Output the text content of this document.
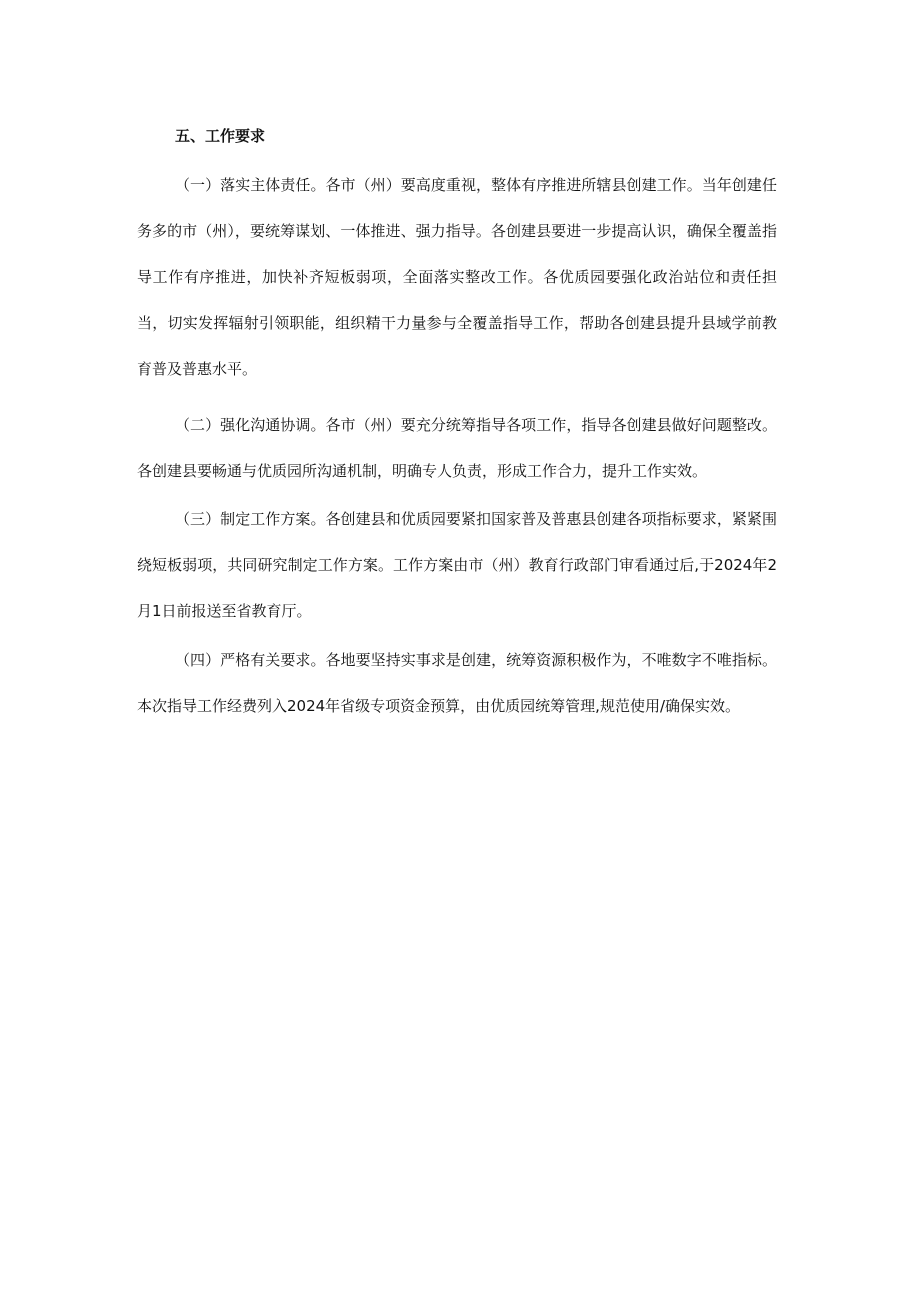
五、工作要求

（一）落实主体责任。各市（州）要高度重视，整体有序推进所辖县创建工作。当年创建任务多的市（州），要统筹谋划、一体推进、强力指导。各创建县要进一步提高认识，确保全覆盖指导工作有序推进，加快补齐短板弱项，全面落实整改工作。各优质园要强化政治站位和责任担当，切实发挥辐射引领职能，组织精干力量参与全覆盖指导工作，帮助各创建县提升县域学前教育普及普惠水平。

（二）强化沟通协调。各市（州）要充分统筹指导各项工作，指导各创建县做好问题整改。各创建县要畅通与优质园所沟通机制，明确专人负责，形成工作合力，提升工作实效。

（三）制定工作方案。各创建县和优质园要紧扣国家普及普惠县创建各项指标要求，紧紧围绕短板弱项，共同研究制定工作方案。工作方案由市（州）教育行政部门审看通过后,于2024年2月1日前报送至省教育厅。

（四）严格有关要求。各地要坚持实事求是创建，统筹资源积极作为，不唯数字不唯指标。本次指导工作经费列入2024年省级专项资金预算，由优质园统筹管理,规范使用/确保实效。
